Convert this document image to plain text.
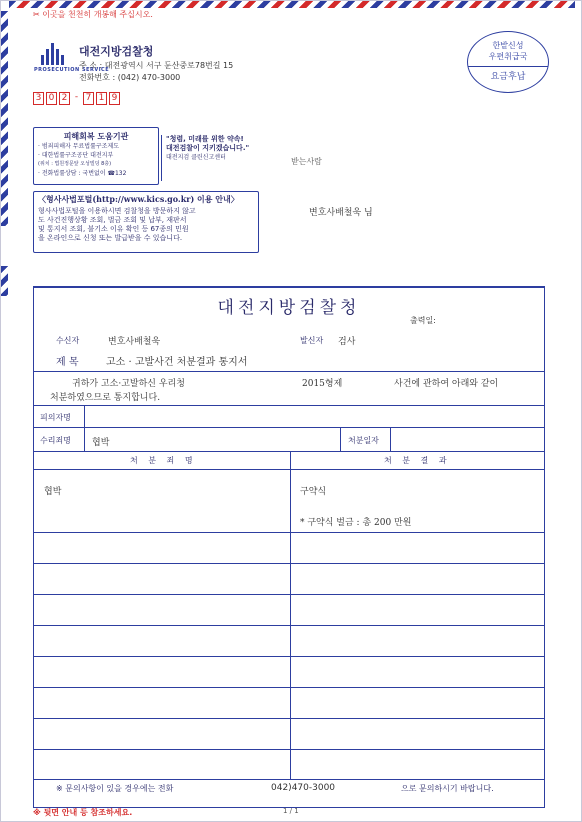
✂ 이곳을 천천히 개봉해 주십시오.
PROSECUTION SERVICE
대전지방검찰청
주 소 : 대전광역시 서구 둔산중로78번길 15
전화번호 : (042) 470-3000
3 0 2 - 7 1 9
한밭신성
우편취급국
요금후납
피해회복 도움기관
· 범죄피해자 무료법률구조제도
· 대한법률구조공단 대전지부
(위치 : 법원정문앞 오성빌딩 8층)
· 전화법률상담 : 국번없이 ☎132
"청렴, 미래를 위한 약속!
대전검찰이 지키겠습니다."
대전지검 클린신고센터	받는사람
〈형사사법포털(http://www.kics.go.kr) 이용 안내〉
형사사법포털을 이용하시면 검찰청을 방문하지 않고
도 사건진행상황 조회, 벌금 조회 및 납부, 재판서
및 통지서 조회, 불기소 이유 확인 등 67종의 민원
을 온라인으로 신청 또는 발급받을 수 있습니다.
변호사배철욱 님
대전지방검찰청
출력일:
수신자	변호사배철욱	발신자 검사
제 목	고소 · 고발사건 처분결과 통지서
귀하가 고소·고발하신 우리청	2015형제	사건에 관하여 아래와 같이
처분하였으므로 통지합니다.
피의자명
수리죄명 협박	처분일자
처 분 죄 명	처 분 결 과
협박	구약식
* 구약식 벌금 : 총 200 만원
※ 문의사항이 있을 경우에는 전화	042)470-3000	으로 문의하시기 바랍니다.
※ 뒷면 안내 등 참조하세요.	1 / 1
